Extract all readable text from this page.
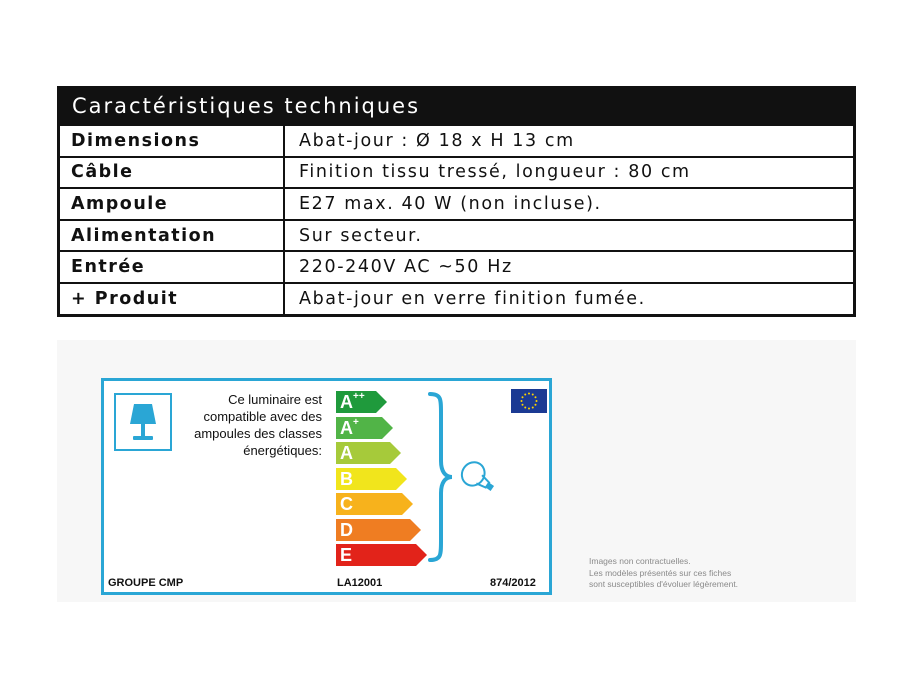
Caractéristiques techniques
Dimensions	Abat-jour : Ø 18 x H 13 cm
Câble	Finition tissu tressé, longueur : 80 cm
Ampoule	E27 max. 40 W (non incluse).
Alimentation	Sur secteur.
Entrée	220-240V AC ~50 Hz
+ Produit	Abat-jour en verre finition fumée.
Ce luminaire est
compatible avec des
ampoules des classes
énergétiques:
A++
A+
A
B
C
D
E
GROUPE CMP	LA12001	874/2012
Images non contractuelles.
Les modèles présentés sur ces fiches
sont susceptibles d'évoluer légèrement.
